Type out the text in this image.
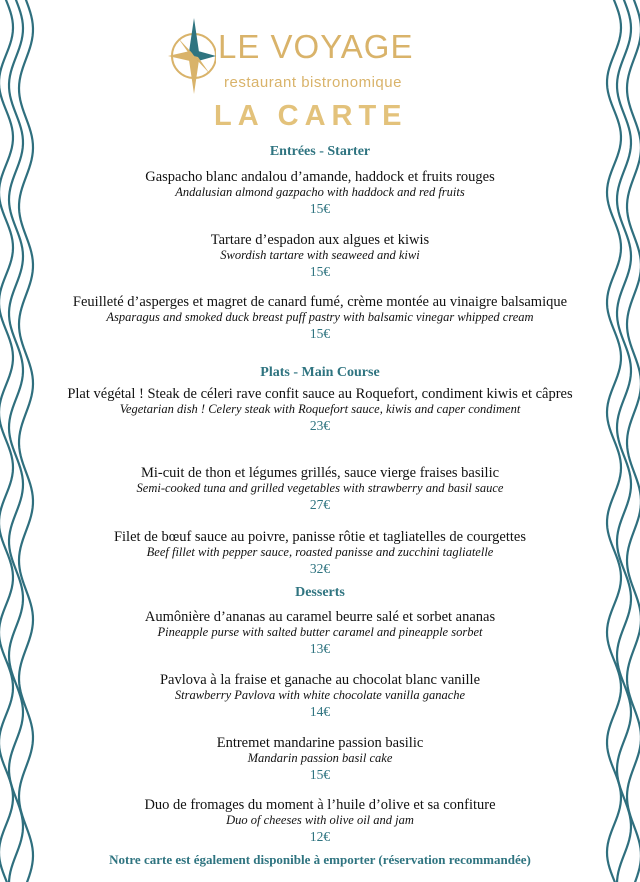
LE VOYAGE
restaurant bistronomique
LA CARTE
Entrées - Starter
Gaspacho blanc andalou d’amande, haddock et fruits rouges
Andalusian almond gazpacho with haddock and red fruits
15€
Tartare d’espadon aux algues et kiwis
Swordish tartare with seaweed and kiwi
15€
Feuilleté d’asperges et magret de canard fumé, crème montée au vinaigre balsamique
Asparagus and smoked duck breast puff pastry with balsamic vinegar whipped cream
15€
Plats - Main Course
Plat végétal ! Steak de céleri rave confit sauce au Roquefort, condiment kiwis et câpres
Vegetarian dish ! Celery steak with Roquefort sauce, kiwis and caper condiment
23€
Mi-cuit de thon et légumes grillés, sauce vierge fraises basilic
Semi-cooked tuna and grilled vegetables with strawberry and basil sauce
27€
Filet de bœuf sauce au poivre, panisse rôtie et tagliatelles de courgettes
Beef fillet with pepper sauce, roasted panisse and zucchini tagliatelle
32€
Desserts
Aumônière d’ananas au caramel beurre salé et sorbet ananas
Pineapple purse with salted butter caramel and pineapple sorbet
13€
Pavlova à la fraise et ganache au chocolat blanc vanille
Strawberry Pavlova with white chocolate vanilla ganache
14€
Entremet mandarine passion basilic
Mandarin passion basil cake
15€
Duo de fromages du moment à l’huile d’olive et sa confiture
Duo of cheeses with olive oil and jam
12€
Notre carte est également disponible à emporter (réservation recommandée)
